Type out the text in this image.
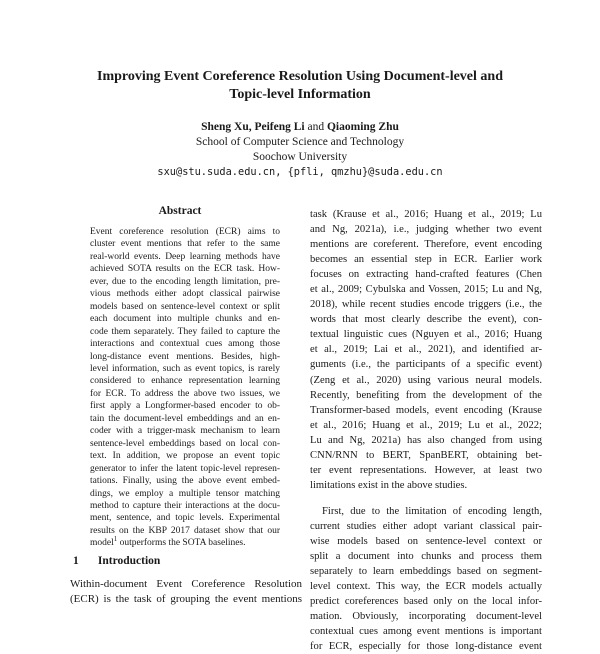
Improving Event Coreference Resolution Using Document-level and
Topic-level Information
Sheng Xu, Peifeng Li and Qiaoming Zhu
School of Computer Science and Technology
Soochow University
sxu@stu.suda.edu.cn, {pfli, qmzhu}@suda.edu.cn
Abstract
Event coreference resolution (ECR) aims to
cluster event mentions that refer to the same
real-world events. Deep learning methods have
achieved SOTA results on the ECR task. How-
ever, due to the encoding length limitation, pre-
vious methods either adopt classical pairwise
models based on sentence-level context or split
each document into multiple chunks and en-
code them separately. They failed to capture the
interactions and contextual cues among those
long-distance event mentions. Besides, high-
level information, such as event topics, is rarely
considered to enhance representation learning
for ECR. To address the above two issues, we
first apply a Longformer-based encoder to ob-
tain the document-level embeddings and an en-
coder with a trigger-mask mechanism to learn
sentence-level embeddings based on local con-
text. In addition, we propose an event topic
generator to infer the latent topic-level represen-
tations. Finally, using the above event embed-
dings, we employ a multiple tensor matching
method to capture their interactions at the docu-
ment, sentence, and topic levels. Experimental
results on the KBP 2017 dataset show that our
model$^1$ outperforms the SOTA baselines.
1 Introduction
Within-document Event Coreference Resolution
(ECR) is the task of grouping the event mentions
task (Krause et al., 2016; Huang et al., 2019; Lu
and Ng, 2021a), i.e., judging whether two event
mentions are coreferent. Therefore, event encoding
becomes an essential step in ECR. Earlier work
focuses on extracting hand-crafted features (Chen
et al., 2009; Cybulska and Vossen, 2015; Lu and Ng,
2018), while recent studies encode triggers (i.e., the
words that most clearly describe the event), con-
textual linguistic cues (Nguyen et al., 2016; Huang
et al., 2019; Lai et al., 2021), and identified ar-
guments (i.e., the participants of a specific event)
(Zeng et al., 2020) using various neural models.
Recently, benefiting from the development of the
Transformer-based models, event encoding (Krause
et al., 2016; Huang et al., 2019; Lu et al., 2022;
Lu and Ng, 2021a) has also changed from using
CNN/RNN to BERT, SpanBERT, obtaining bet-
ter event representations. However, at least two
limitations exist in the above studies.
First, due to the limitation of encoding length,
current studies either adopt variant classical pair-
wise models based on sentence-level context or
split a document into chunks and process them
separately to learn embeddings based on segment-
level context. This way, the ECR models actually
predict coreferences based only on the local infor-
mation. Obviously, incorporating document-level
contextual cues among event mentions is important
for ECR, especially for those long-distance event
